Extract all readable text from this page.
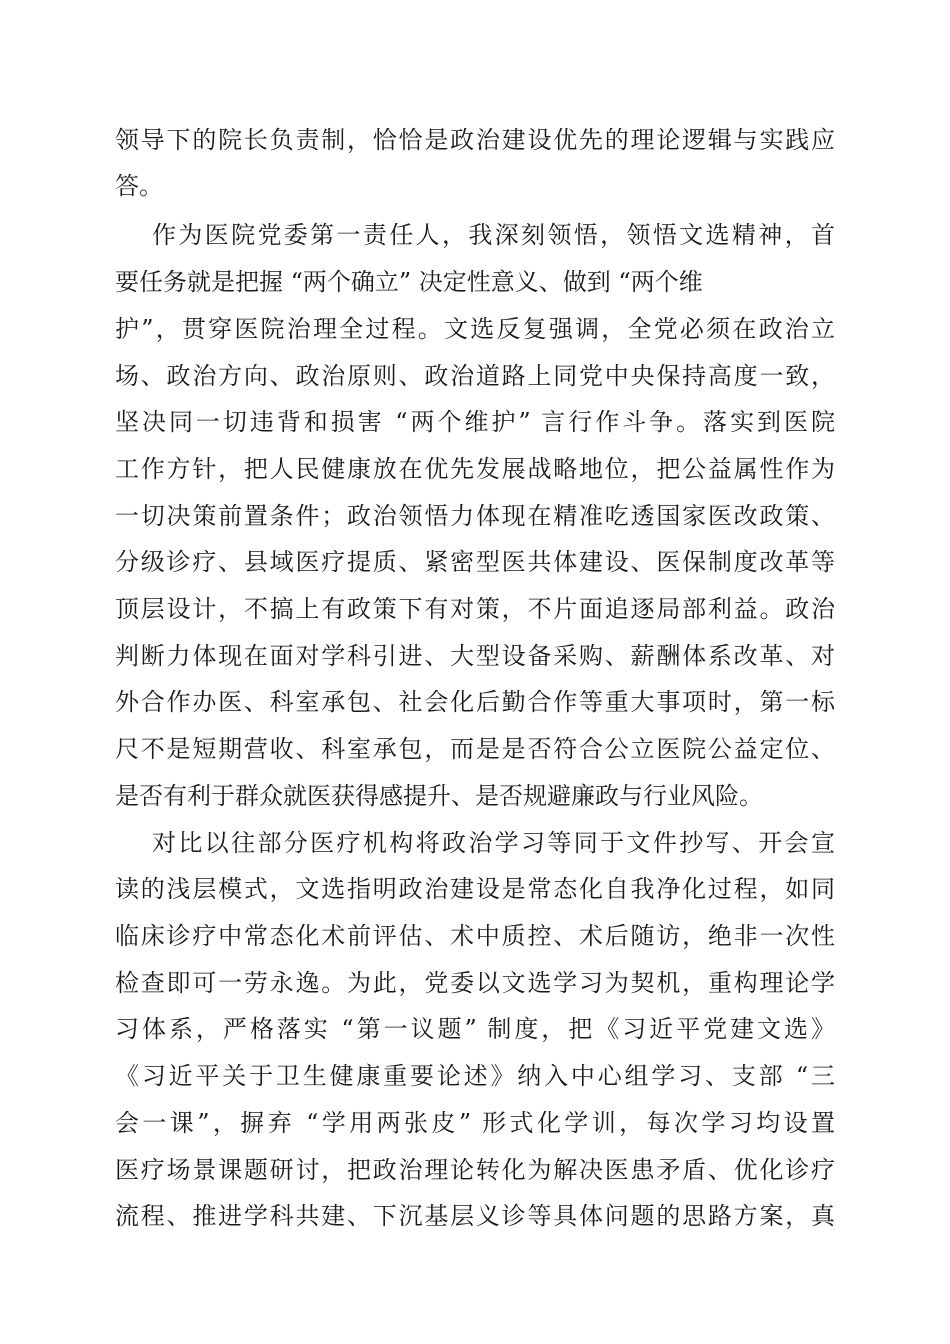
领导下的院长负责制，恰恰是政治建设优先的理论逻辑与实践应
答。
作为医院党委第一责任人，我深刻领悟，领悟文选精神，首
要任务就是把握 “两个确立” 决定性意义、做到 “两个维
护”，贯穿医院治理全过程。文选反复强调，全党必须在政治立
场、政治方向、政治原则、政治道路上同党中央保持高度一致，
坚决同一切违背和损害 “两个维护” 言行作斗争。落实到医院
工作方针，把人民健康放在优先发展战略地位，把公益属性作为
一切决策前置条件；政治领悟力体现在精准吃透国家医改政策、
分级诊疗、县域医疗提质、紧密型医共体建设、医保制度改革等
顶层设计，不搞上有政策下有对策，不片面追逐局部利益。政治
判断力体现在面对学科引进、大型设备采购、薪酬体系改革、对
外合作办医、科室承包、社会化后勤合作等重大事项时，第一标
尺不是短期营收、科室承包，而是是否符合公立医院公益定位、
是否有利于群众就医获得感提升、是否规避廉政与行业风险。
对比以往部分医疗机构将政治学习等同于文件抄写、开会宣
读的浅层模式，文选指明政治建设是常态化自我净化过程，如同
临床诊疗中常态化术前评估、术中质控、术后随访，绝非一次性
检查即可一劳永逸。为此，党委以文选学习为契机，重构理论学
习体系，严格落实 “第一议题” 制度，把《习近平党建文选》
《习近平关于卫生健康重要论述》纳入中心组学习、支部 “三
会一课”，摒弃 “学用两张皮” 形式化学训，每次学习均设置
医疗场景课题研讨，把政治理论转化为解决医患矛盾、优化诊疗
流程、推进学科共建、下沉基层义诊等具体问题的思路方案，真
